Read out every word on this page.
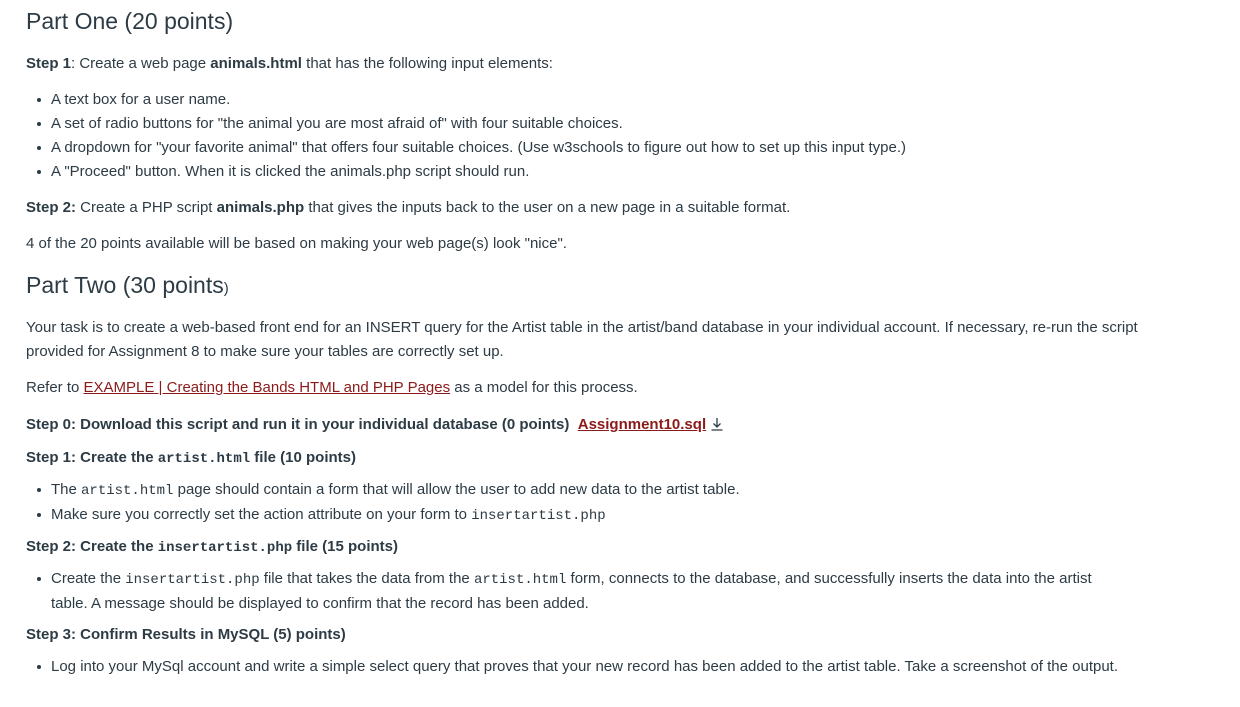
Part One (20 points)

Step 1: Create a web page animals.html that has the following input elements:

A text box for a user name.
A set of radio buttons for "the animal you are most afraid of" with four suitable choices.
A dropdown for "your favorite animal" that offers four suitable choices. (Use w3schools to figure out how to set up this input type.)
A "Proceed" button. When it is clicked the animals.php script should run.

Step 2: Create a PHP script animals.php that gives the inputs back to the user on a new page in a suitable format.

4 of the 20 points available will be based on making your web page(s) look "nice".

Part Two (30 points)

Your task is to create a web-based front end for an INSERT query for the Artist table in the artist/band database in your individual account. If necessary, re-run the script provided for Assignment 8 to make sure your tables are correctly set up.

Refer to EXAMPLE | Creating the Bands HTML and PHP Pages as a model for this process.

Step 0: Download this script and run it in your individual database (0 points) Assignment10.sql

Step 1: Create the artist.html file (10 points)

The artist.html page should contain a form that will allow the user to add new data to the artist table.
Make sure you correctly set the action attribute on your form to insertartist.php

Step 2: Create the insertartist.php file (15 points)

Create the insertartist.php file that takes the data from the artist.html form, connects to the database, and successfully inserts the data into the artist table. A message should be displayed to confirm that the record has been added.

Step 3: Confirm Results in MySQL (5) points)

Log into your MySql account and write a simple select query that proves that your new record has been added to the artist table. Take a screenshot of the output.
